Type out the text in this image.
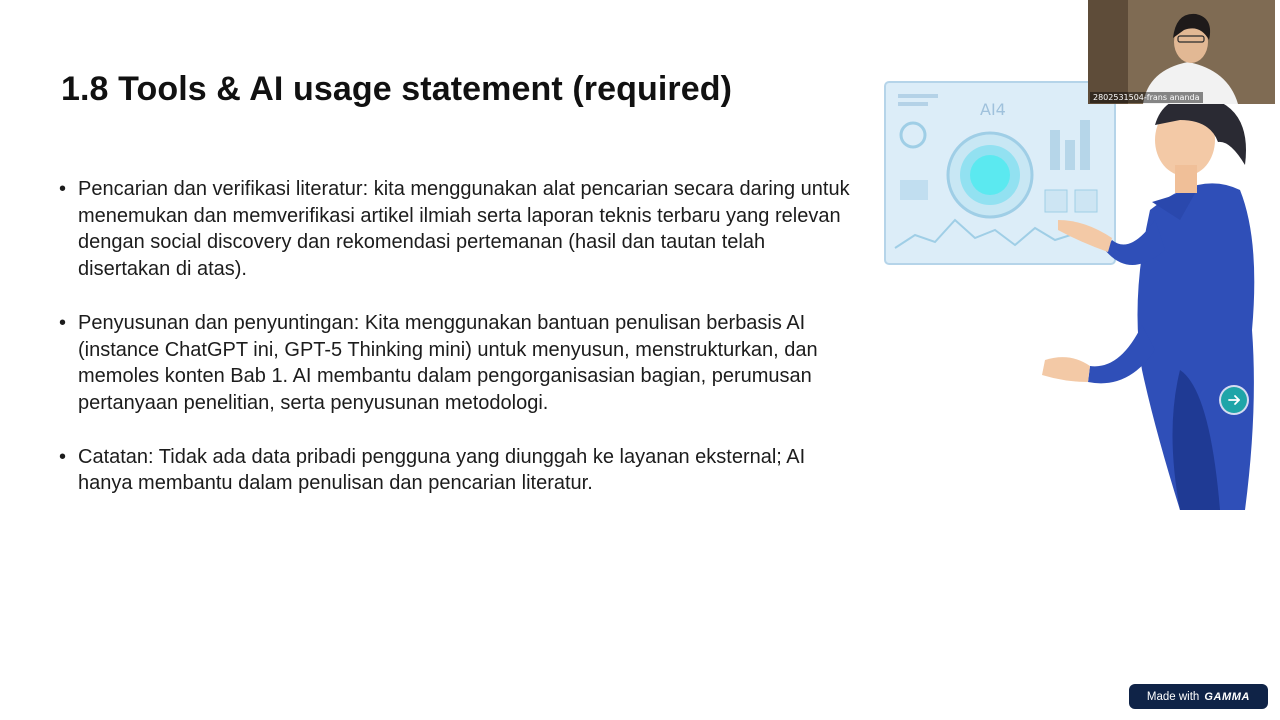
1.8 Tools & AI usage statement (required)
• Pencarian dan verifikasi literatur: kita menggunakan alat pencarian secara daring untuk menemukan dan memverifikasi artikel ilmiah serta laporan teknis terbaru yang relevan dengan social discovery dan rekomendasi pertemanan (hasil dan tautan telah disertakan di atas).
• Penyusunan dan penyuntingan: Kita menggunakan bantuan penulisan berbasis AI (instance ChatGPT ini, GPT-5 Thinking mini) untuk menyusun, menstrukturkan, dan memoles konten Bab 1. AI membantu dalam pengorganisasian bagian, perumusan pertanyaan penelitian, serta penyusunan metodologi.
• Catatan: Tidak ada data pribadi pengguna yang diunggah ke layanan eksternal; AI hanya membantu dalam penulisan dan pencarian literatur.
AI4
2802531504-frans ananda
Made with GAMMA
